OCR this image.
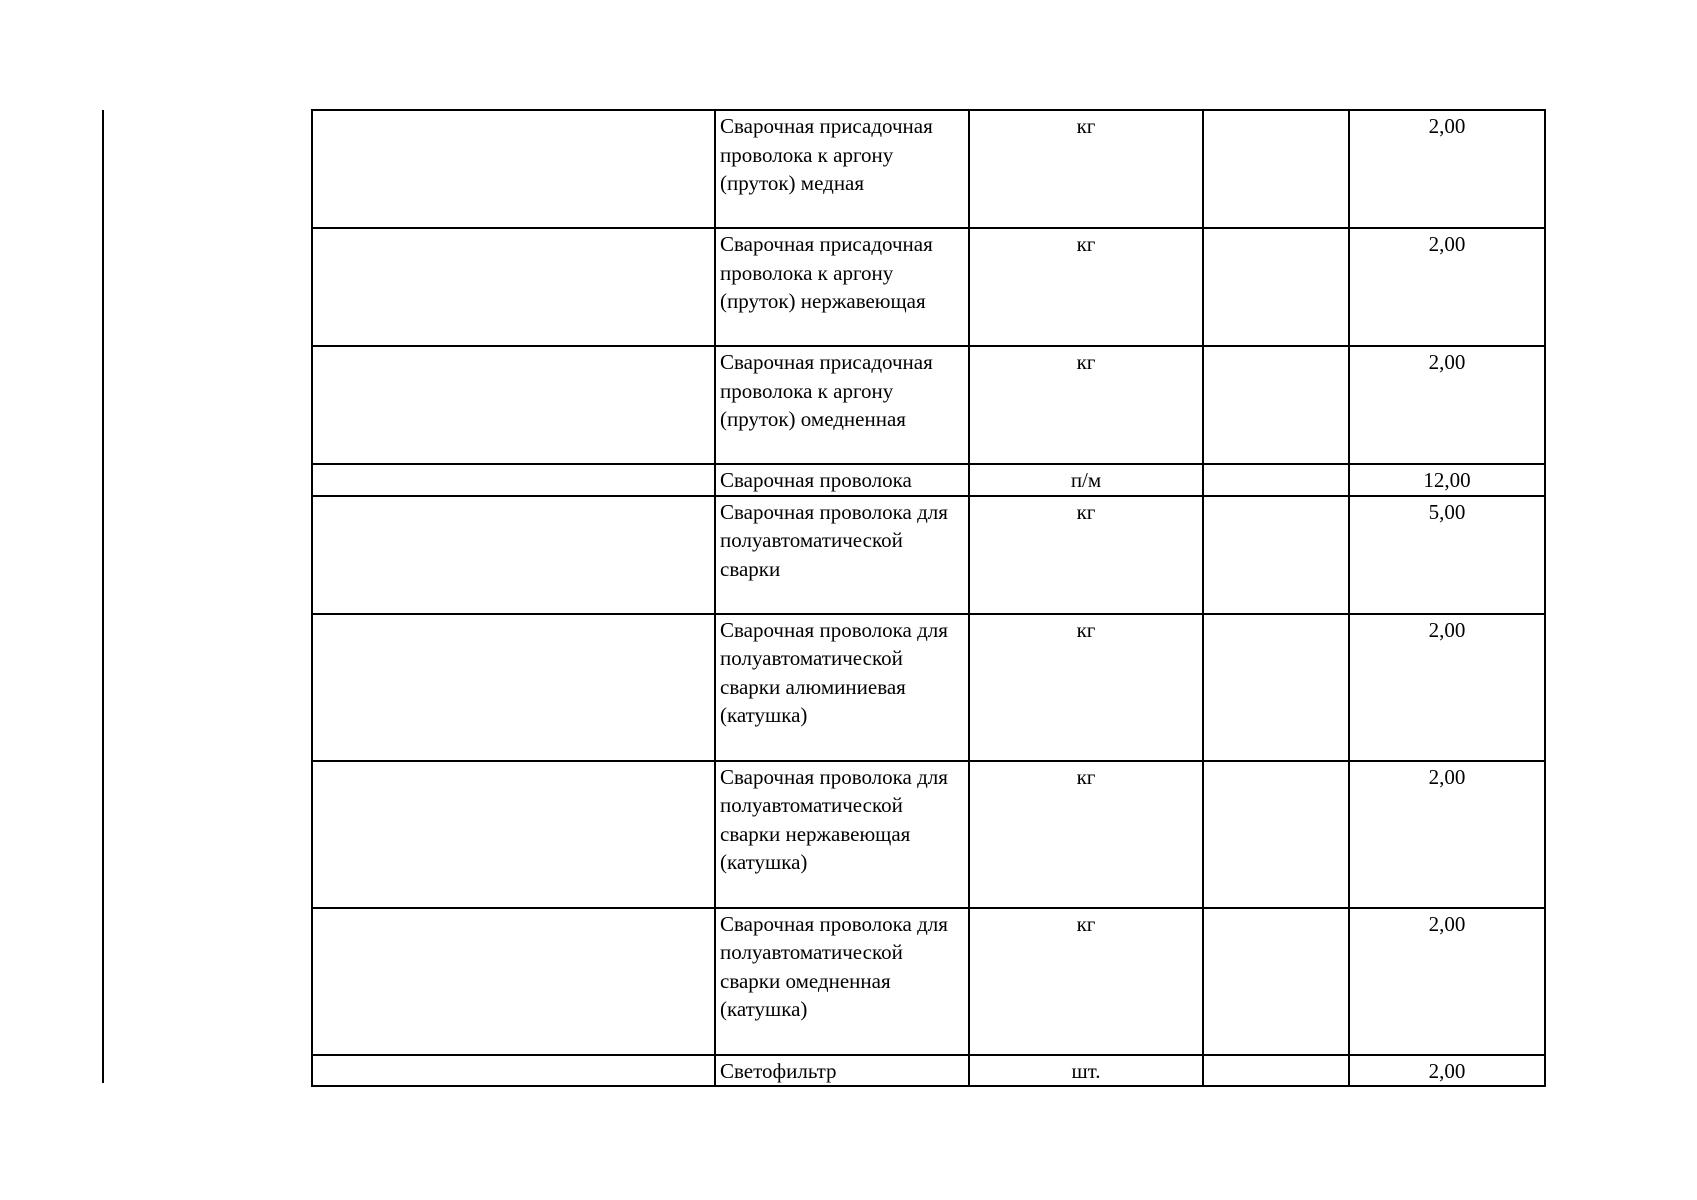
	Сварочная присадочная проволока к аргону (пруток) медная	кг		2,00
	Сварочная присадочная проволока к аргону (пруток) нержавеющая	кг		2,00
	Сварочная присадочная проволока к аргону (пруток) омедненная	кг		2,00
	Сварочная проволока	п/м		12,00
	Сварочная проволока для полуавтоматической сварки	кг		5,00
	Сварочная проволока для полуавтоматической сварки алюминиевая (катушка)	кг		2,00
	Сварочная проволока для полуавтоматической сварки нержавеющая (катушка)	кг		2,00
	Сварочная проволока для полуавтоматической сварки омедненная (катушка)	кг		2,00
	Светофильтр	шт.		2,00
